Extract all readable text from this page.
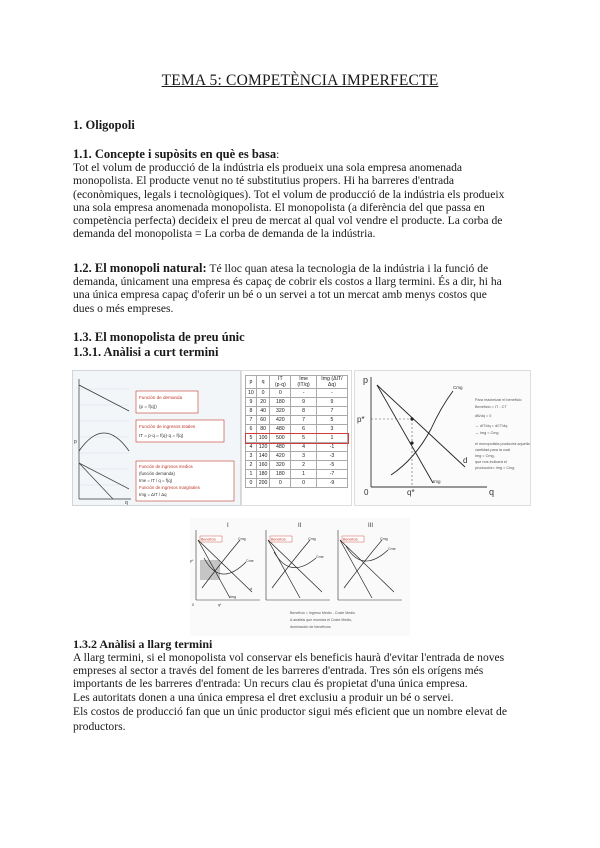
TEMA 5: COMPETÈNCIA IMPERFECTE
1. Oligopoli
1.1. Concepte i supòsits en què es basa:
Tot el volum de producció de la indústria els produeix una sola empresa anomenada
monopolista. El producte venut no té substitutius propers. Hi ha barreres d'entrada
(econòmiques, legals i tecnològiques). Tot el volum de producció de la indústria els produeix
una sola empresa anomenada monopolista. El monopolista (a diferència del que passa en
competència perfecta) decideix el preu de mercat al qual vol vendre el producte. La corba de
demanda del monopolista = La corba de demanda de la indústria.
1.2. El monopoli natural: Té lloc quan atesa la tecnologia de la indústria i la funció de
demanda, únicament una empresa és capaç de cobrir els costos a llarg termini. És a dir, hi ha
una única empresa capaç d'oferir un bé o un servei a tot un mercat amb menys costos que
dues o més empreses.
1.3. El monopolista de preu únic
1.3.1. Anàlisi a curt termini
p
q
Función de demanda
(p = f(q))
Función de ingresos totales
IT = p·q = f(q)·q = f(q)
Función de ingresos medios
(función demanda)
Ime = IT / q = f(q)
Función de ingresos marginales
Img = ΔIT / Δq
p	q	IT (p·q)	Ime (IT/q)	Img (ΔIT/Δq)
10	0	0	-	-
9	20	180	9	9
8	40	320	8	7
7	60	420	7	5
6	80	480	6	3
5	100	500	5	1
4	120	480	4	-1
3	140	420	3	-3
2	160	320	2	-5
1	180	180	1	-7
0	200	0	0	-9
p
q
0
p*
q*
Cmg
d
Img
Para maximizar el beneficio
Beneficio = IT - CT
dB/dq = 0
→ dIT/dq = dCT/dq
→ Img = Cmg
el monopolista producirá aquella
cantidad para la cual
Img = Cmg,
que nos indicará el
producción: Img = Cmg
I	II	III
Beneficio	Cmg
Cme
Img
d
p*
q*
0
Beneficio	Cmg
Cme
Beneficio	Cmg
Cme
Beneficio = Ingreso Medio - Coste Medio
A anàlisis que muestra el Coste Medio,
dominación de beneficios.
1.3.2 Anàlisi a llarg termini
A llarg termini, si el monopolista vol conservar els beneficis haurà d'evitar l'entrada de noves
empreses al sector a través del foment de les barreres d'entrada. Tres són els orígens més
importants de les barreres d'entrada: Un recurs clau és propietat d'una única empresa.
Les autoritats donen a una única empresa el dret exclusiu a produir un bé o servei.
Els costos de producció fan que un únic productor sigui més eficient que un nombre elevat de
productors.
